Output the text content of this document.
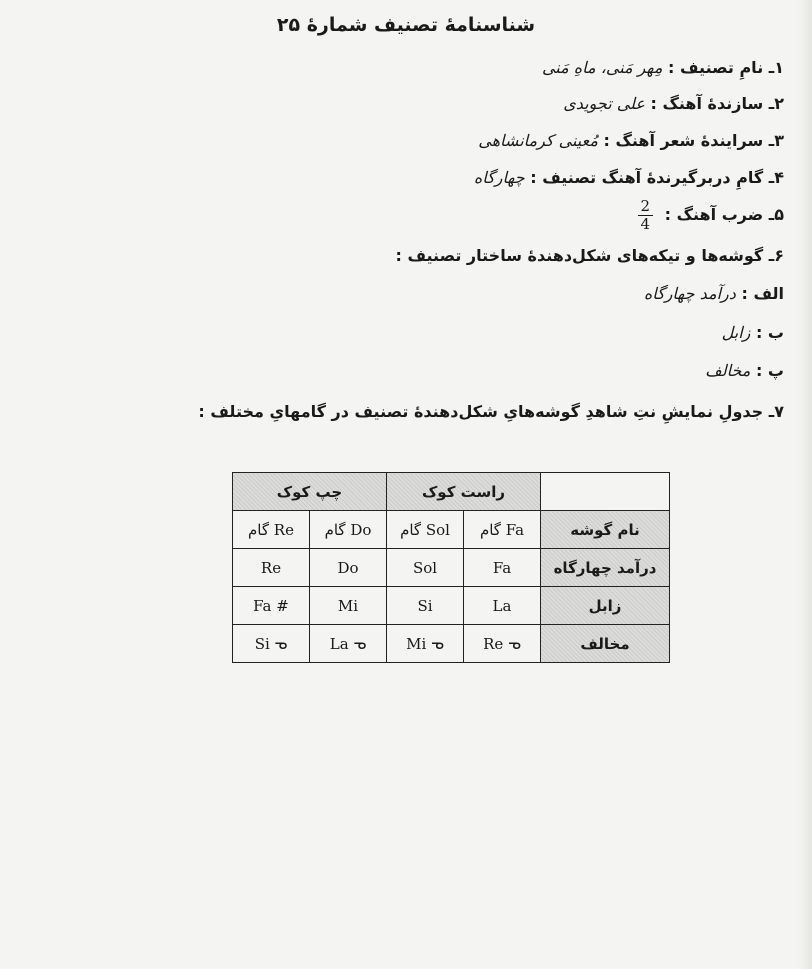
شناسنامهٔ تصنیف شمارهٔ ۲۵
۱ـ نامِ تصنیف : مِهر مَنی، ماهِ مَنی
۲ـ سازندهٔ آهنگ : علی تجویدی
۳ـ سرایندهٔ شعر آهنگ : مُعینی کرمانشاهی
۴ـ گامِ دربرگیرندهٔ آهنگ تصنیف : چهارگاه
۵ـ ضرب آهنگ :
$\frac{2}{4}$
۶ـ گوشه‌ها و تیکه‌های شکل‌دهندهٔ ساختار تصنیف :
الف : درآمد چهارگاه
ب : زابل
پ : مخالف
۷ـ جدولِ نمایشِ نتِ شاهدِ گوشه‌هایِ شکل‌دهندهٔ تصنیف در گامهایِ مختلف :
	راست کوک		چپ کوک	
نام گوشه	گام Fa	گام Sol	گام Do	گام Re
درآمد چهارگاه	Fa	Sol	Do	Re
زابل	La	Si	Mi	Fa #
مخالف	Re ᓀ	Mi ᓀ	La ᓀ	Si ᓀ
